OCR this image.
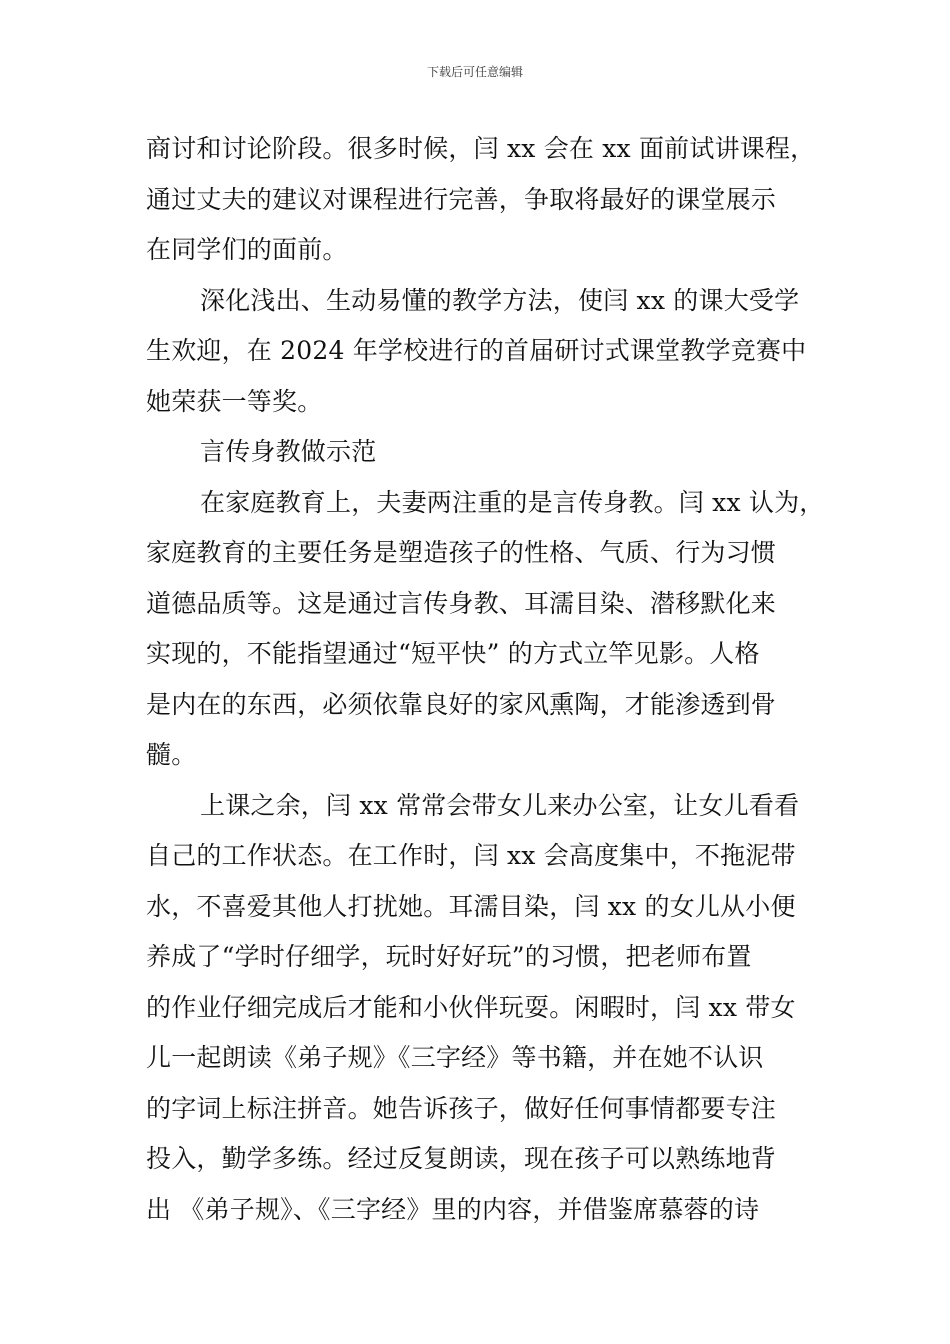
下载后可任意编辑
商讨和讨论阶段。很多时候，闫 xx 会在 xx 面前试讲课程，
通过丈夫的建议对课程进行完善，争取将最好的课堂展示
在同学们的面前。
深化浅出、生动易懂的教学方法，使闫 xx 的课大受学
生欢迎，在 2024 年学校进行的首届研讨式课堂教学竞赛中
她荣获一等奖。
言传身教做示范
在家庭教育上，夫妻两注重的是言传身教。闫 xx 认为，
家庭教育的主要任务是塑造孩子的性格、气质、行为习惯
道德品质等。这是通过言传身教、耳濡目染、潜移默化来
实现的，不能指望通过“短平快” 的方式立竿见影。人格
是内在的东西，必须依靠良好的家风熏陶，才能渗透到骨
髓。
上课之余，闫 xx 常常会带女儿来办公室，让女儿看看
自己的工作状态。在工作时，闫 xx 会高度集中，不拖泥带
水，不喜爱其他人打扰她。耳濡目染，闫 xx 的女儿从小便
养成了“学时仔细学，玩时好好玩”的习惯，把老师布置
的作业仔细完成后才能和小伙伴玩耍。闲暇时，闫 xx 带女
儿一起朗读《弟子规》《三字经》等书籍，并在她不认识
的字词上标注拼音。她告诉孩子，做好任何事情都要专注
投入，勤学多练。经过反复朗读，现在孩子可以熟练地背
出 《弟子规》、《三字经》里的内容，并借鉴席慕蓉的诗
